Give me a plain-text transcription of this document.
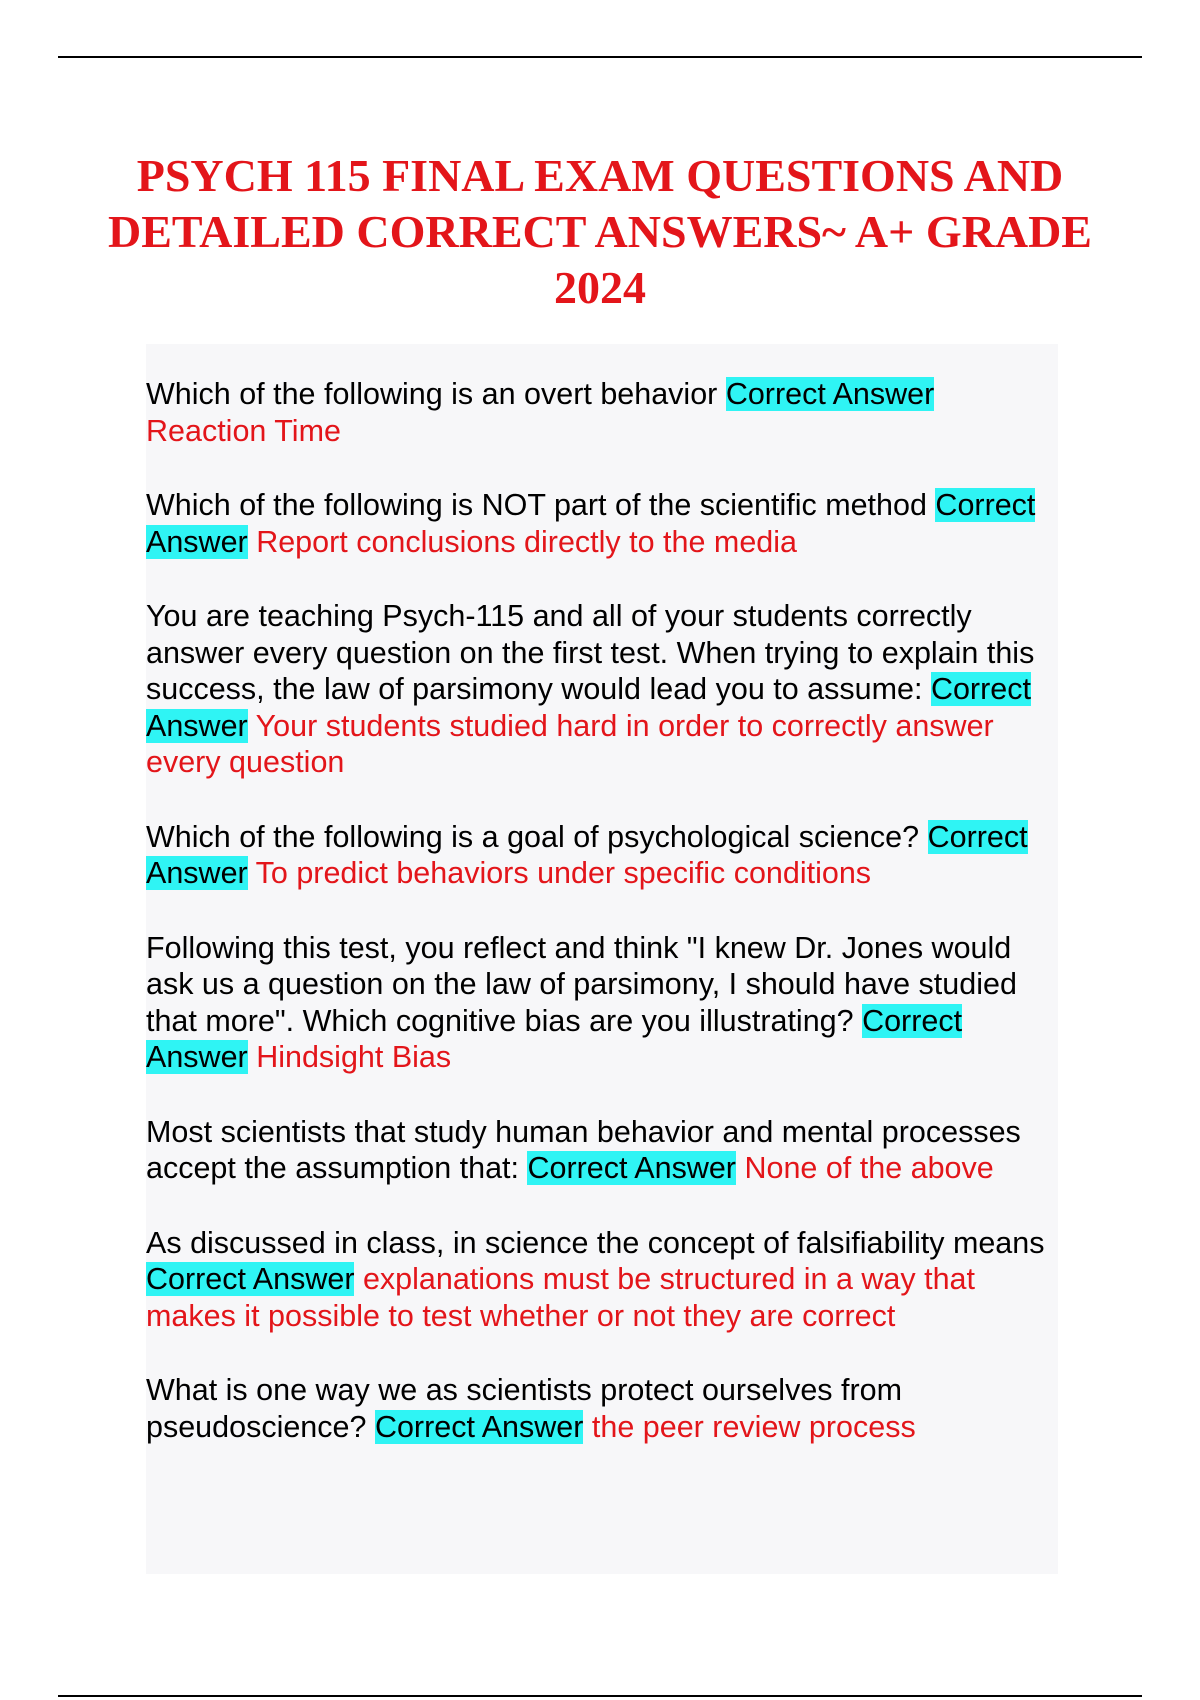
PSYCH 115 FINAL EXAM QUESTIONS AND DETAILED CORRECT ANSWERS~ A+ GRADE 2024

Which of the following is an overt behavior Correct Answer Reaction Time

Which of the following is NOT part of the scientific method Correct Answer Report conclusions directly to the media

You are teaching Psych-115 and all of your students correctly answer every question on the first test. When trying to explain this success, the law of parsimony would lead you to assume: Correct Answer Your students studied hard in order to correctly answer every question

Which of the following is a goal of psychological science? Correct Answer To predict behaviors under specific conditions

Following this test, you reflect and think "I knew Dr. Jones would ask us a question on the law of parsimony, I should have studied that more". Which cognitive bias are you illustrating? Correct Answer Hindsight Bias

Most scientists that study human behavior and mental processes accept the assumption that: Correct Answer None of the above

As discussed in class, in science the concept of falsifiability means Correct Answer explanations must be structured in a way that makes it possible to test whether or not they are correct

What is one way we as scientists protect ourselves from pseudoscience? Correct Answer the peer review process
